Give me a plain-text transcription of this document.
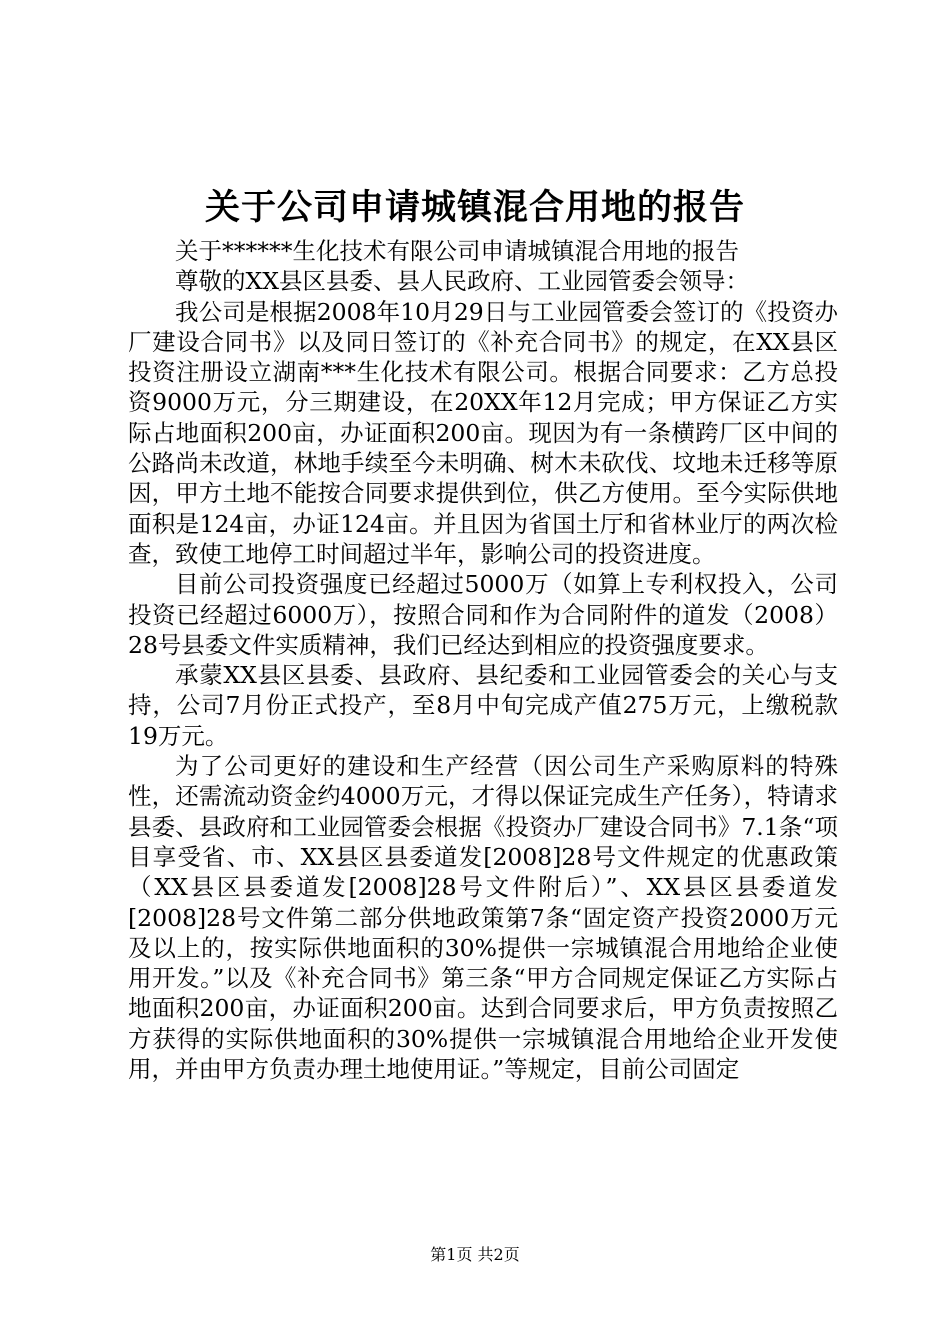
关于公司申请城镇混合用地的报告

关于******生化技术有限公司申请城镇混合用地的报告

尊敬的XX县区县委、县人民政府、工业园管委会领导：

我公司是根据2008年10月29日与工业园管委会签订的《投资办厂建设合同书》以及同日签订的《补充合同书》的规定，在XX县区投资注册设立湖南***生化技术有限公司。根据合同要求：乙方总投资9000万元，分三期建设，在20XX年12月完成；甲方保证乙方实际占地面积200亩，办证面积200亩。现因为有一条横跨厂区中间的公路尚未改道，林地手续至今未明确、树木未砍伐、坟地未迁移等原因，甲方土地不能按合同要求提供到位，供乙方使用。至今实际供地面积是124亩，办证124亩。并且因为省国土厅和省林业厅的两次检查，致使工地停工时间超过半年，影响公司的投资进度。

目前公司投资强度已经超过5000万（如算上专利权投入，公司投资已经超过6000万），按照合同和作为合同附件的道发（2008）28号县委文件实质精神，我们已经达到相应的投资强度要求。

承蒙XX县区县委、县政府、县纪委和工业园管委会的关心与支持，公司7月份正式投产，至8月中旬完成产值275万元，上缴税款19万元。

为了公司更好的建设和生产经营（因公司生产采购原料的特殊性，还需流动资金约4000万元，才得以保证完成生产任务），特请求县委、县政府和工业园管委会根据《投资办厂建设合同书》7.1条“项目享受省、市、XX县区县委道发[2008]28号文件规定的优惠政策（XX县区县委道发[2008]28号文件附后）”、XX县区县委道发[2008]28号文件第二部分供地政策第7条“固定资产投资2000万元及以上的，按实际供地面积的30%提供一宗城镇混合用地给企业使用开发。”以及《补充合同书》第三条“甲方合同规定保证乙方实际占地面积200亩，办证面积200亩。达到合同要求后，甲方负责按照乙方获得的实际供地面积的30%提供一宗城镇混合用地给企业开发使用，并由甲方负责办理土地使用证。”等规定，目前公司固定

第1页 共2页
